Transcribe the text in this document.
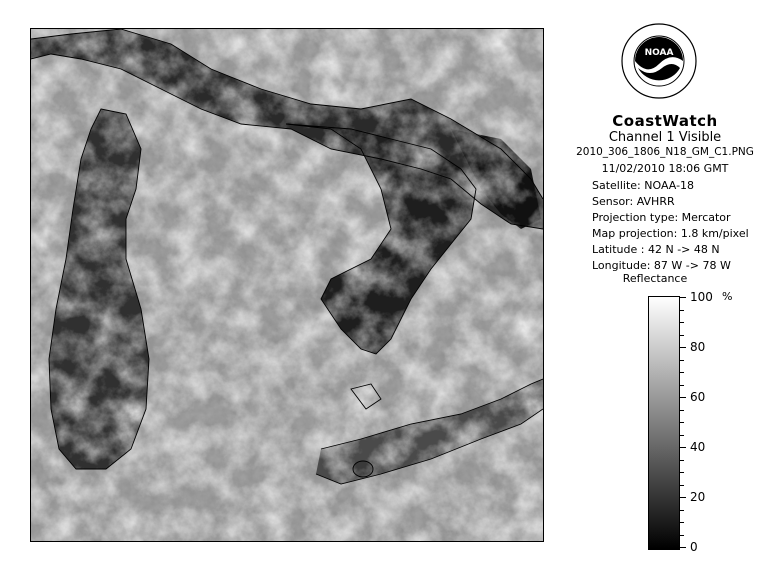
NOAA
CoastWatch
Channel 1 Visible
2010_306_1806_N18_GM_C1.PNG
11/02/2010 18:06 GMT
Satellite: NOAA-18
Sensor: AVHRR
Projection type: Mercator
Map projection: 1.8 km/pixel
Latitude : 42 N -> 48 N
Longitude: 87 W -> 78 W
Reflectance
%
100
80
60
40
20
0
